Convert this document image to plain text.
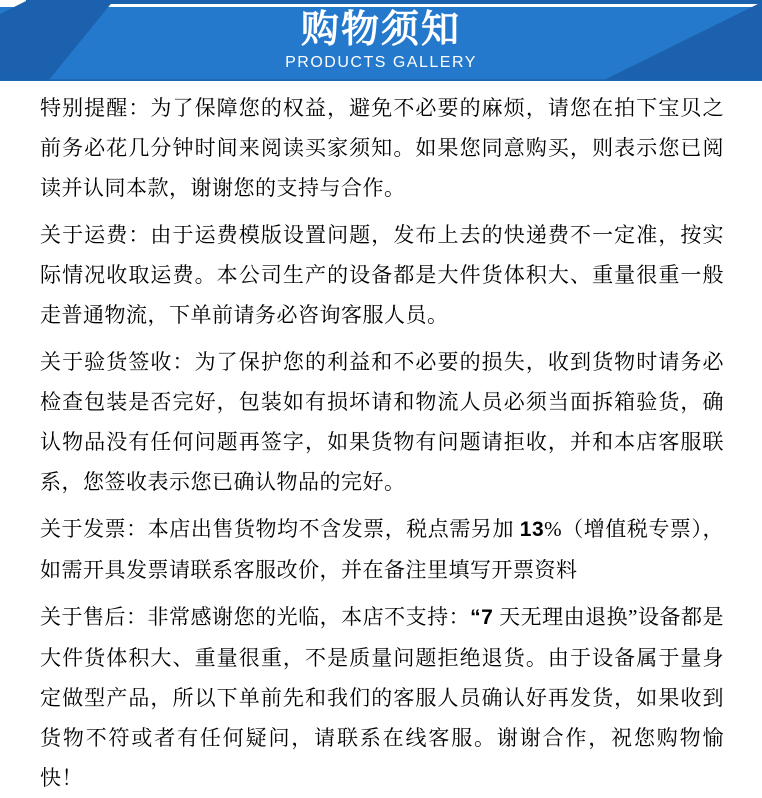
购物须知
PRODUCTS GALLERY

特别提醒：为了保障您的权益，避免不必要的麻烦，请您在拍下宝贝之前务必花几分钟时间来阅读买家须知。如果您同意购买，则表示您已阅读并认同本款，谢谢您的支持与合作。

关于运费：由于运费模版设置问题，发布上去的快递费不一定准，按实际情况收取运费。本公司生产的设备都是大件货体积大、重量很重一般走普通物流，下单前请务必咨询客服人员。

关于验货签收：为了保护您的利益和不必要的损失，收到货物时请务必检查包装是否完好，包装如有损坏请和物流人员必须当面拆箱验货，确认物品没有任何问题再签字，如果货物有问题请拒收，并和本店客服联系，您签收表示您已确认物品的完好。

关于发票：本店出售货物均不含发票，税点需另加 13%（增值税专票），如需开具发票请联系客服改价，并在备注里填写开票资料

关于售后：非常感谢您的光临，本店不支持：“7 天无理由退换”设备都是大件货体积大、重量很重，不是质量问题拒绝退货。由于设备属于量身定做型产品，所以下单前先和我们的客服人员确认好再发货，如果收到货物不符或者有任何疑问，请联系在线客服。谢谢合作，祝您购物愉快！
